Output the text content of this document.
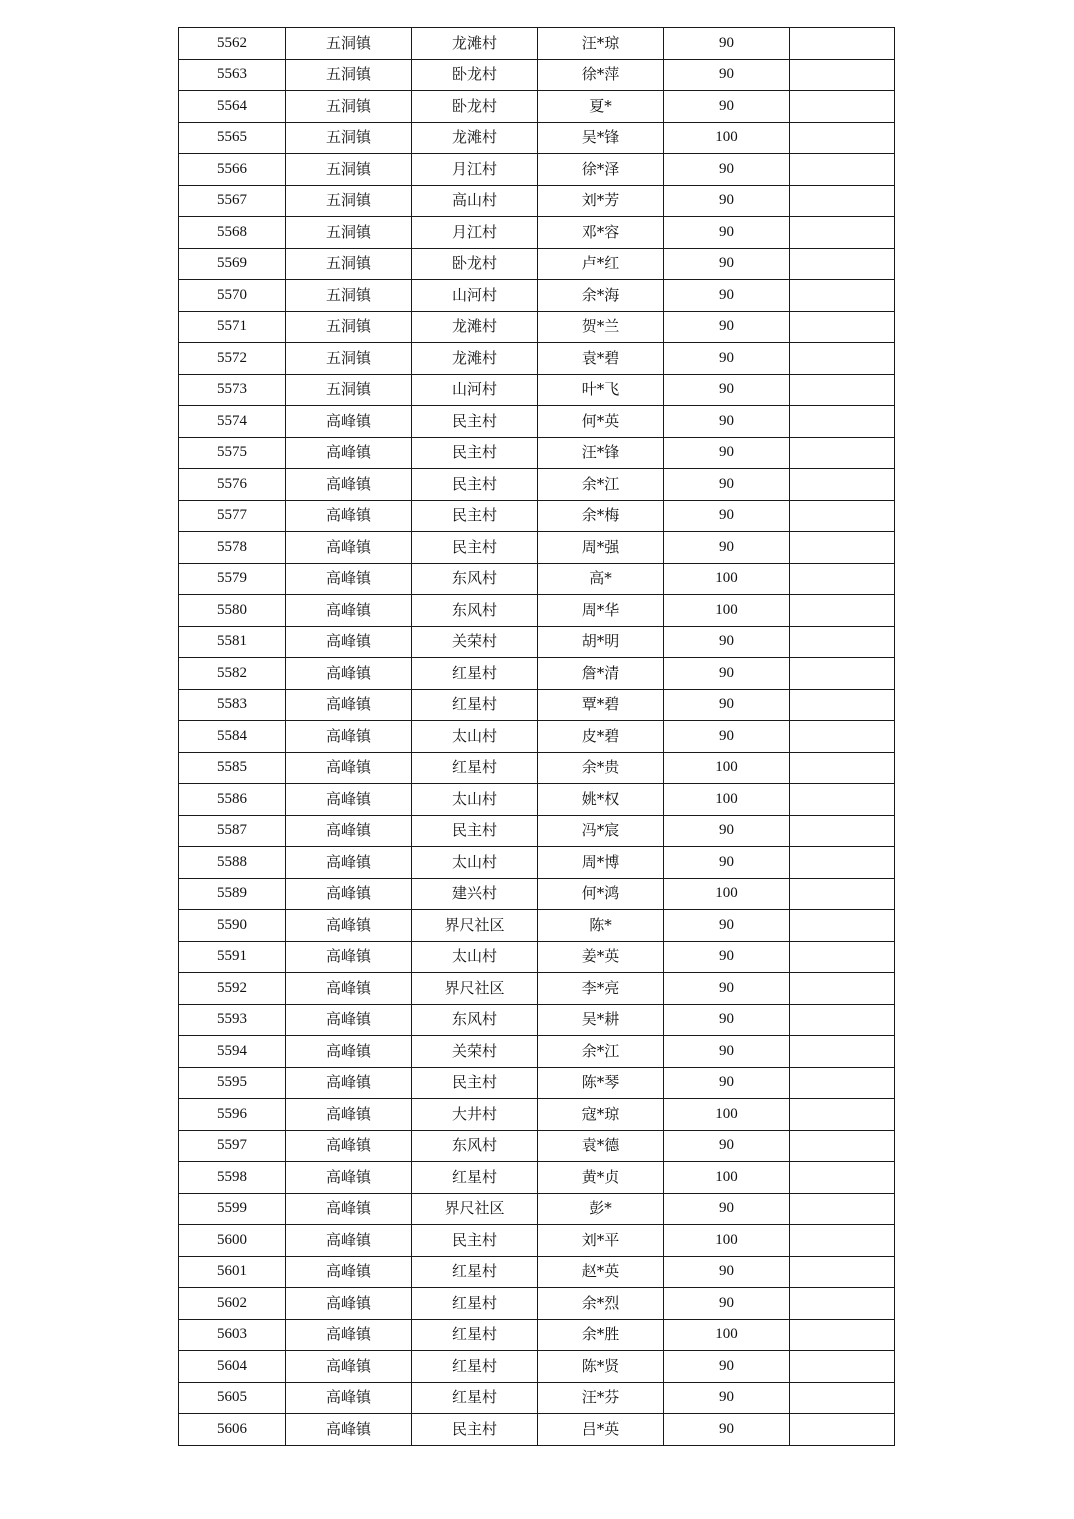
5562	五洞镇	龙滩村	汪*琼	90	
5563	五洞镇	卧龙村	徐*萍	90	
5564	五洞镇	卧龙村	夏*	90	
5565	五洞镇	龙滩村	吴*锋	100	
5566	五洞镇	月江村	徐*泽	90	
5567	五洞镇	高山村	刘*芳	90	
5568	五洞镇	月江村	邓*容	90	
5569	五洞镇	卧龙村	卢*红	90	
5570	五洞镇	山河村	余*海	90	
5571	五洞镇	龙滩村	贺*兰	90	
5572	五洞镇	龙滩村	袁*碧	90	
5573	五洞镇	山河村	叶*飞	90	
5574	高峰镇	民主村	何*英	90	
5575	高峰镇	民主村	汪*锋	90	
5576	高峰镇	民主村	余*江	90	
5577	高峰镇	民主村	余*梅	90	
5578	高峰镇	民主村	周*强	90	
5579	高峰镇	东风村	高*	100	
5580	高峰镇	东风村	周*华	100	
5581	高峰镇	关荣村	胡*明	90	
5582	高峰镇	红星村	詹*清	90	
5583	高峰镇	红星村	覃*碧	90	
5584	高峰镇	太山村	皮*碧	90	
5585	高峰镇	红星村	余*贵	100	
5586	高峰镇	太山村	姚*权	100	
5587	高峰镇	民主村	冯*宸	90	
5588	高峰镇	太山村	周*博	90	
5589	高峰镇	建兴村	何*鸿	100	
5590	高峰镇	界尺社区	陈*	90	
5591	高峰镇	太山村	姜*英	90	
5592	高峰镇	界尺社区	李*亮	90	
5593	高峰镇	东风村	吴*耕	90	
5594	高峰镇	关荣村	余*江	90	
5595	高峰镇	民主村	陈*琴	90	
5596	高峰镇	大井村	寇*琼	100	
5597	高峰镇	东风村	袁*德	90	
5598	高峰镇	红星村	黄*贞	100	
5599	高峰镇	界尺社区	彭*	90	
5600	高峰镇	民主村	刘*平	100	
5601	高峰镇	红星村	赵*英	90	
5602	高峰镇	红星村	余*烈	90	
5603	高峰镇	红星村	余*胜	100	
5604	高峰镇	红星村	陈*贤	90	
5605	高峰镇	红星村	汪*芬	90	
5606	高峰镇	民主村	吕*英	90	
